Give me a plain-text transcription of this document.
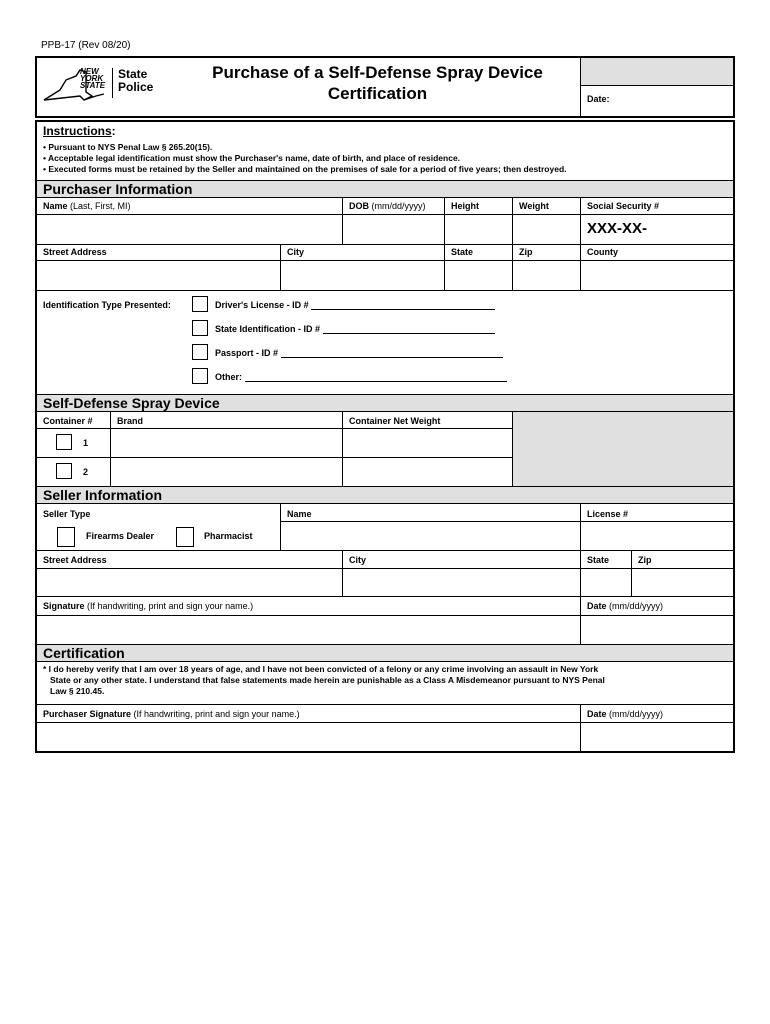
PPB-17 (Rev 08/20)
NEW
YORK
STATE
State
Police
Purchase of a Self-Defense Spray Device
Certification	Date:
Instructions:
• Pursuant to NYS Penal Law § 265.20(15).
• Acceptable legal identification must show the Purchaser's name, date of birth, and place of residence.
• Executed forms must be retained by the Seller and maintained on the premises of sale for a period of five years; then destroyed.
Purchaser Information
Name (Last, First, MI)	DOB (mm/dd/yyyy)	Height	Weight	Social Security #
XXX-XX-
Street Address	City	State	Zip	County
Identification Type Presented:	Driver's License - ID #
State Identification - ID #
Passport - ID #
Other:
Self-Defense Spray Device
Container #	Brand	Container Net Weight
1
2
Seller Information
Seller Type	Name	License #
Firearms Dealer	Pharmacist
Street Address	City	State	Zip
Signature (If handwriting, print and sign your name.)	Date (mm/dd/yyyy)
Certification
* I do hereby verify that I am over 18 years of age, and I have not been convicted of a felony or any crime involving an assault in New York
State or any other state. I understand that false statements made herein are punishable as a Class A Misdemeanor pursuant to NYS Penal
Law § 210.45.
Purchaser Signature (If handwriting, print and sign your name.)	Date (mm/dd/yyyy)
